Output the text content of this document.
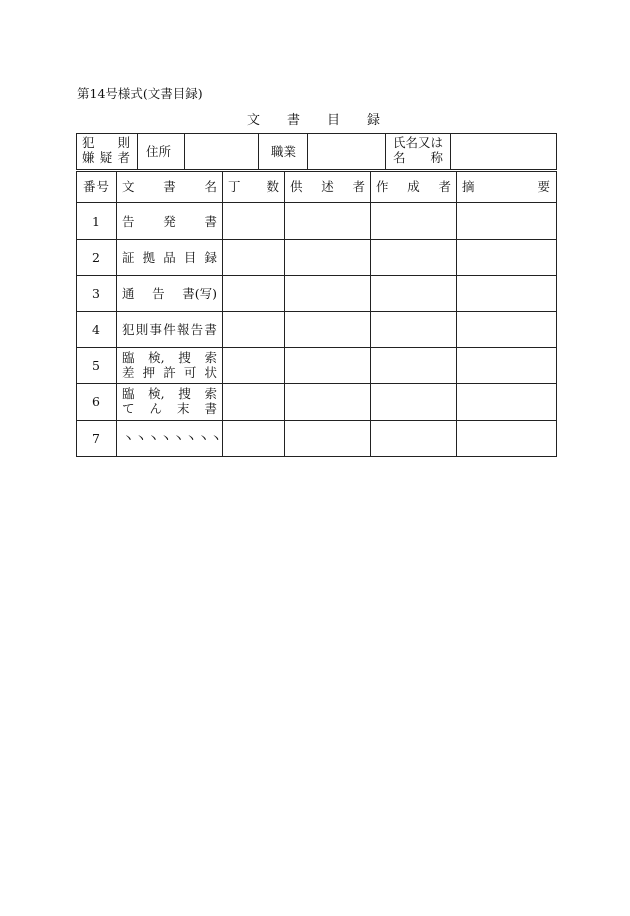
第14号様式(文書目録)
文 書 目 録
犯 則
嫌 疑 者 住所	職業
氏名又は
名 称
番 号 文 書 名 丁 数 供 述 者 作 成 者 摘	要
1
2
3
4
5
6
7
告 発 書
証 拠 品 目 録
通 告 書(写)
犯 則 事 件 報 告 書
臨 検, 捜 索
差 押 許 可 状
臨 検, 捜 索
て ん 末 書
丶 丶 丶 丶 丶 丶 丶 丶
